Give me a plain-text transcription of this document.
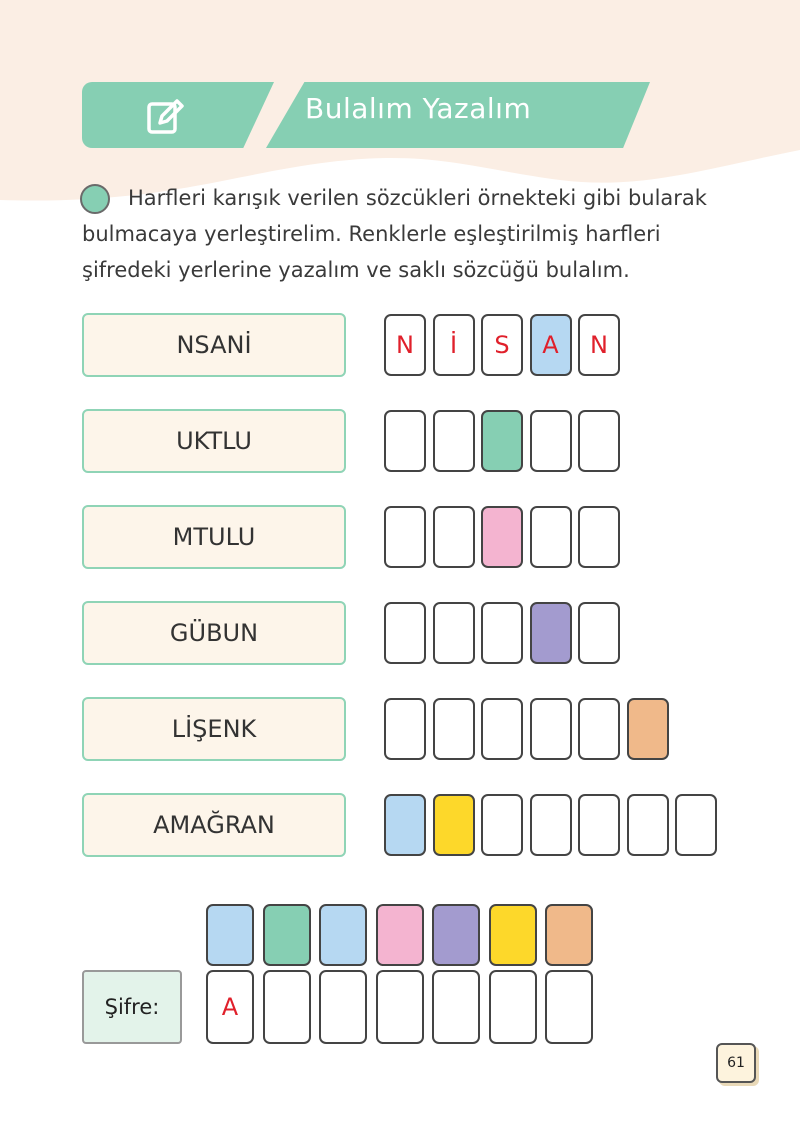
Bulalım Yazalım
Harfleri karışık verilen sözcükleri örnekteki gibi bularak bulmacaya yerleştirelim. Renklerle eşleştirilmiş harfleri şifredeki yerlerine yazalım ve saklı sözcüğü bulalım.
NSANİ	N	İ	S	A	N
UKTLU
MTULU
GÜBUN
LİŞENK
AMAĞRAN
Şifre:	A
61
